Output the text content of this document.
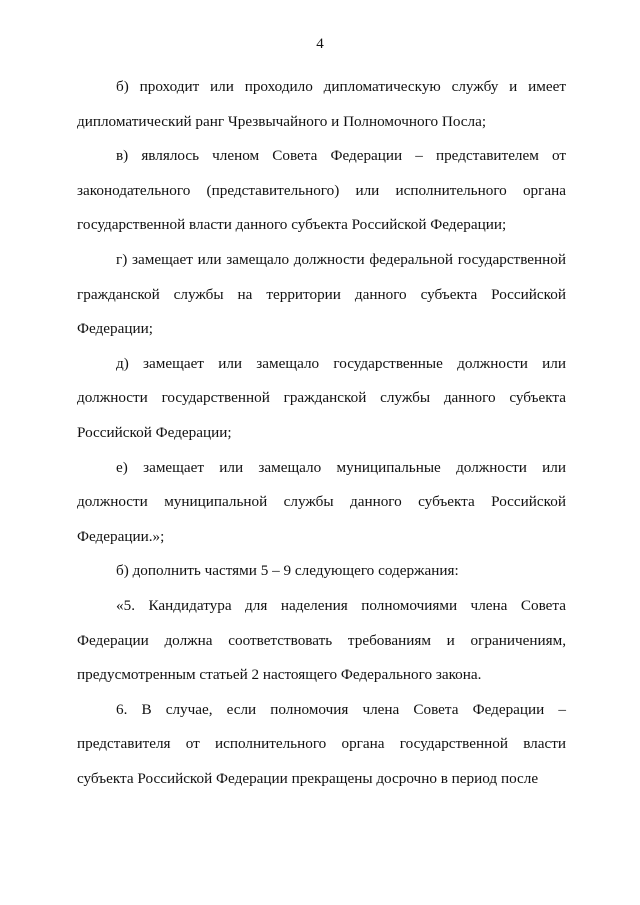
4

б) проходит или проходило дипломатическую службу и имеет дипломатический ранг Чрезвычайного и Полномочного Посла;

в) являлось членом Совета Федерации – представителем от законодательного (представительного) или исполнительного органа государственной власти данного субъекта Российской Федерации;

г) замещает или замещало должности федеральной государственной гражданской службы на территории данного субъекта Российской Федерации;

д) замещает или замещало государственные должности или должности государственной гражданской службы данного субъекта Российской Федерации;

е) замещает или замещало муниципальные должности или должности муниципальной службы данного субъекта Российской Федерации.»;

б) дополнить частями 5 – 9 следующего содержания:

«5. Кандидатура для наделения полномочиями члена Совета Федерации должна соответствовать требованиям и ограничениям, предусмотренным статьей 2 настоящего Федерального закона.

6. В случае, если полномочия члена Совета Федерации – представителя от исполнительного органа государственной власти субъекта Российской Федерации прекращены досрочно в период после
